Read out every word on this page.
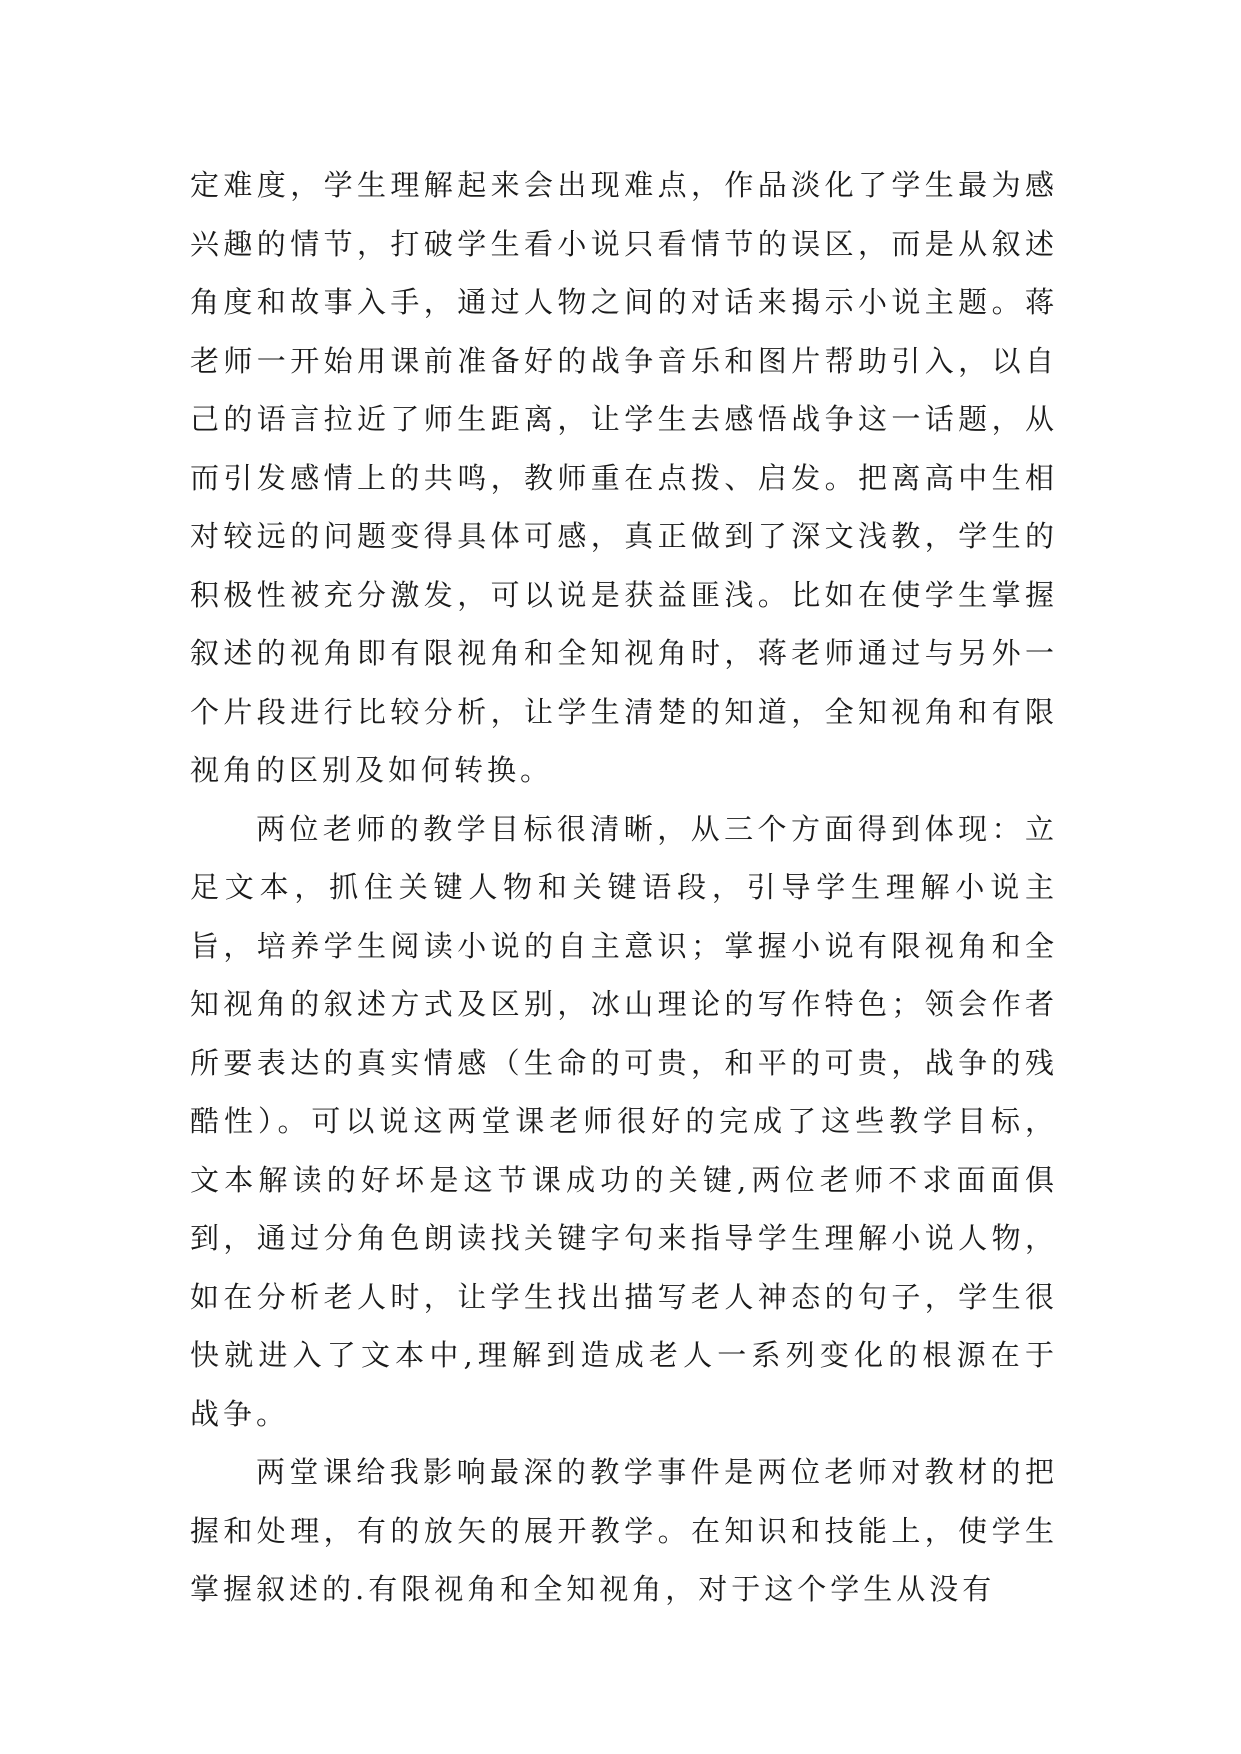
定难度，学生理解起来会出现难点，作品淡化了学生最为感兴趣的情节，打破学生看小说只看情节的误区，而是从叙述角度和故事入手，通过人物之间的对话来揭示小说主题。蒋老师一开始用课前准备好的战争音乐和图片帮助引入，以自己的语言拉近了师生距离，让学生去感悟战争这一话题，从而引发感情上的共鸣，教师重在点拨、启发。把离高中生相对较远的问题变得具体可感，真正做到了深文浅教，学生的积极性被充分激发，可以说是获益匪浅。比如在使学生掌握叙述的视角即有限视角和全知视角时，蒋老师通过与另外一个片段进行比较分析，让学生清楚的知道，全知视角和有限视角的区别及如何转换。

两位老师的教学目标很清晰，从三个方面得到体现：立足文本，抓住关键人物和关键语段，引导学生理解小说主旨，培养学生阅读小说的自主意识；掌握小说有限视角和全知视角的叙述方式及区别，冰山理论的写作特色；领会作者所要表达的真实情感（生命的可贵，和平的可贵，战争的残酷性）。可以说这两堂课老师很好的完成了这些教学目标，文本解读的好坏是这节课成功的关键,两位老师不求面面俱到，通过分角色朗读找关键字句来指导学生理解小说人物，如在分析老人时，让学生找出描写老人神态的句子，学生很快就进入了文本中,理解到造成老人一系列变化的根源在于战争。

两堂课给我影响最深的教学事件是两位老师对教材的把握和处理，有的放矢的展开教学。在知识和技能上，使学生掌握叙述的.有限视角和全知视角，对于这个学生从没有
